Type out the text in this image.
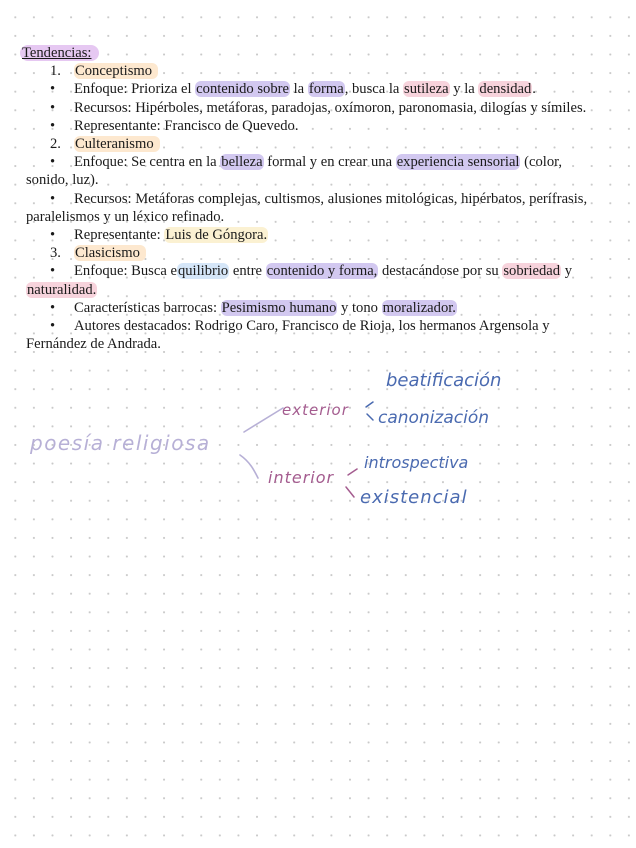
Tendencias:
1. Conceptismo
• Enfoque: Prioriza el contenido sobre la forma, busca la sutileza y la densidad.
• Recursos: Hipérboles, metáforas, paradojas, oxímoron, paronomasia, dilogías y símiles.
• Representante: Francisco de Quevedo.
2. Culteranismo
• Enfoque: Se centra en la belleza formal y en crear una experiencia sensorial (color, sonido, luz).
• Recursos: Metáforas complejas, cultismos, alusiones mitológicas, hipérbatos, perífrasis, paralelismos y un léxico refinado.
• Representante: Luis de Góngora.
3. Clasicismo
• Enfoque: Busca equilibrio entre contenido y forma, destacándose por su sobriedad y naturalidad.
• Características barrocas: Pesimismo humano y tono moralizador.
• Autores destacados: Rodrigo Caro, Francisco de Rioja, los hermanos Argensola y Fernández de Andrada.
poesía religiosa
exterior
interior
beatificación
canonización
introspectiva
existencial
